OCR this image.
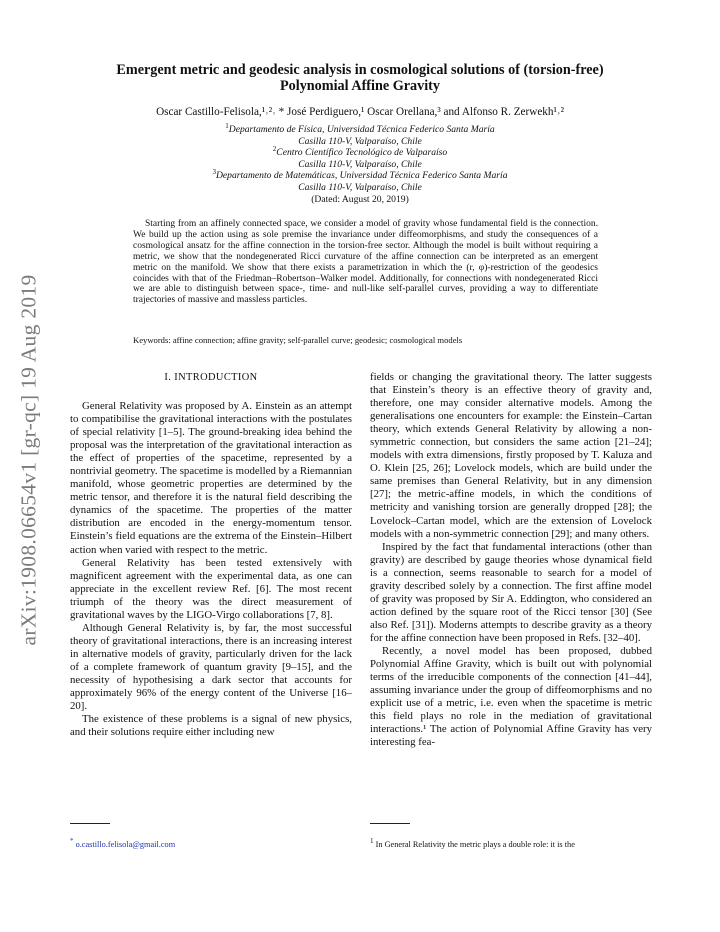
arXiv:1908.06654v1 [gr-qc] 19 Aug 2019
Emergent metric and geodesic analysis in cosmological solutions of (torsion-free)
Polynomial Affine Gravity
Oscar Castillo-Felisola,¹˒²˒ * José Perdiguero,¹ Oscar Orellana,³ and Alfonso R. Zerwekh¹˒²
$^1$Departamento de Física, Universidad Técnica Federico Santa María
Casilla 110-V, Valparaíso, Chile
$^2$Centro Científico Tecnológico de Valparaíso
Casilla 110-V, Valparaíso, Chile
$^3$Departamento de Matemáticas, Universidad Técnica Federico Santa María
Casilla 110-V, Valparaíso, Chile
(Dated: August 20, 2019)

Starting from an affinely connected space, we consider a model of gravity whose fundamental field is the connection. We build up the action using as sole premise the invariance under diffeomorphisms, and study the consequences of a cosmological ansatz for the affine connection in the torsion-free sector. Although the model is built without requiring a metric, we show that the nondegenerated Ricci curvature of the affine connection can be interpreted as an emergent metric on the manifold. We show that there exists a parametrization in which the (r, φ)-restriction of the geodesics coincides with that of the Friedman–Robertson–Walker model. Additionally, for connections with nondegenerated Ricci we are able to distinguish between space-, time- and null-like self-parallel curves, providing a way to differentiate trajectories of massive and massless particles.

Keywords: affine connection; affine gravity; self-parallel curve; geodesic; cosmological models
I. INTRODUCTION

General Relativity was proposed by A. Einstein as an attempt to compatibilise the gravitational interactions with the postulates of special relativity [1–5]. The ground-breaking idea behind the proposal was the interpretation of the gravitational interaction as the effect of properties of the spacetime, represented by a nontrivial geometry. The spacetime is modelled by a Riemannian manifold, whose geometric properties are determined by the metric tensor, and therefore it is the natural field describing the dynamics of the spacetime. The properties of the matter distribution are encoded in the energy-momentum tensor. Einstein’s field equations are the extrema of the Einstein–Hilbert action when varied with respect to the metric.

General Relativity has been tested extensively with magnificent agreement with the experimental data, as one can appreciate in the excellent review Ref. [6]. The most recent triumph of the theory was the direct measurement of gravitational waves by the LIGO-Virgo collaborations [7, 8].

Although General Relativity is, by far, the most successful theory of gravitational interactions, there is an increasing interest in alternative models of gravity, particularly driven for the lack of a complete framework of quantum gravity [9–15], and the necessity of hypothesising a dark sector that accounts for approximately 96% of the energy content of the Universe [16–20].

The existence of these problems is a signal of new physics, and their solutions require either including new

fields or changing the gravitational theory. The latter suggests that Einstein’s theory is an effective theory of gravity and, therefore, one may consider alternative models. Among the generalisations one encounters for example: the Einstein–Cartan theory, which extends General Relativity by allowing a non-symmetric connection, but considers the same action [21–24]; models with extra dimensions, firstly proposed by T. Kaluza and O. Klein [25, 26]; Lovelock models, which are build under the same premises than General Relativity, but in any dimension [27]; the metric-affine models, in which the conditions of metricity and vanishing torsion are generally dropped [28]; the Lovelock–Cartan model, which are the extension of Lovelock models with a non-symmetric connection [29]; and many others.

Inspired by the fact that fundamental interactions (other than gravity) are described by gauge theories whose dynamical field is a connection, seems reasonable to search for a model of gravity described solely by a connection. The first affine model of gravity was proposed by Sir A. Eddington, who considered an action defined by the square root of the Ricci tensor [30] (See also Ref. [31]). Moderns attempts to describe gravity as a theory for the affine connection have been proposed in Refs. [32–40].

Recently, a novel model has been proposed, dubbed Polynomial Affine Gravity, which is built out with polynomial terms of the irreducible components of the connection [41–44], assuming invariance under the group of diffeomorphisms and no explicit use of a metric, i.e. even when the spacetime is metric this field plays no role in the mediation of gravitational interactions.¹ The action of Polynomial Affine Gravity has very interesting fea-

* o.castillo.felisola@gmail.com	$^1$ In General Relativity the metric plays a double role: it is the
